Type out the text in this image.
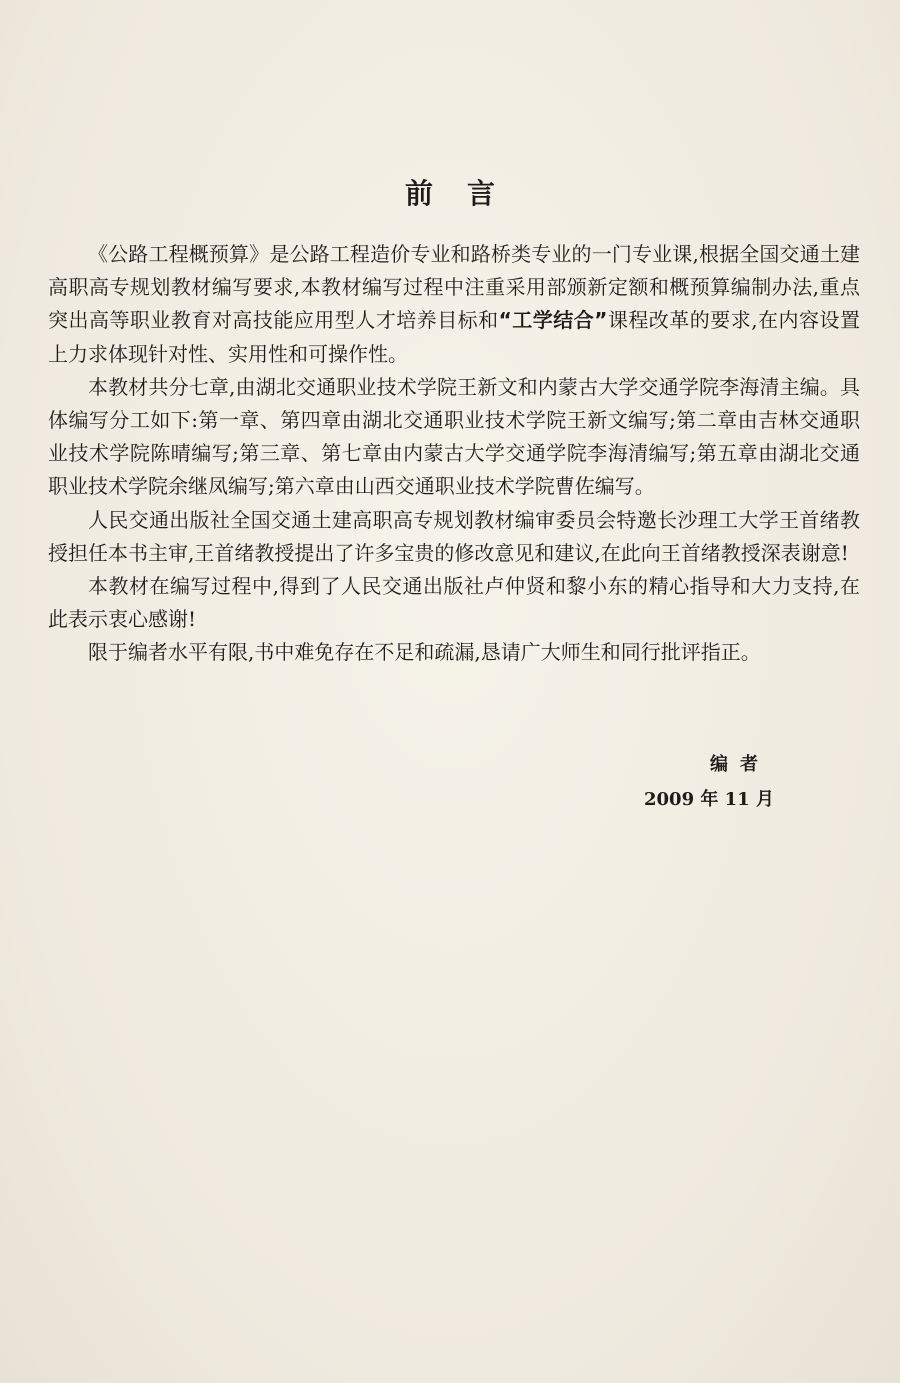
前言

《公路工程概预算》是公路工程造价专业和路桥类专业的一门专业课,根据全国交通土建高职高专规划教材编写要求,本教材编写过程中注重采用部颁新定额和概预算编制办法,重点突出高等职业教育对高技能应用型人才培养目标和“工学结合”课程改革的要求,在内容设置上力求体现针对性、实用性和可操作性。

本教材共分七章,由湖北交通职业技术学院王新文和内蒙古大学交通学院李海清主编。具体编写分工如下:第一章、第四章由湖北交通职业技术学院王新文编写;第二章由吉林交通职业技术学院陈晴编写;第三章、第七章由内蒙古大学交通学院李海清编写;第五章由湖北交通职业技术学院余继凤编写;第六章由山西交通职业技术学院曹佐编写。

人民交通出版社全国交通土建高职高专规划教材编审委员会特邀长沙理工大学王首绪教授担任本书主审,王首绪教授提出了许多宝贵的修改意见和建议,在此向王首绪教授深表谢意!

本教材在编写过程中,得到了人民交通出版社卢仲贤和黎小东的精心指导和大力支持,在此表示衷心感谢!

限于编者水平有限,书中难免存在不足和疏漏,恳请广大师生和同行批评指正。

编者
2009 年 11 月
